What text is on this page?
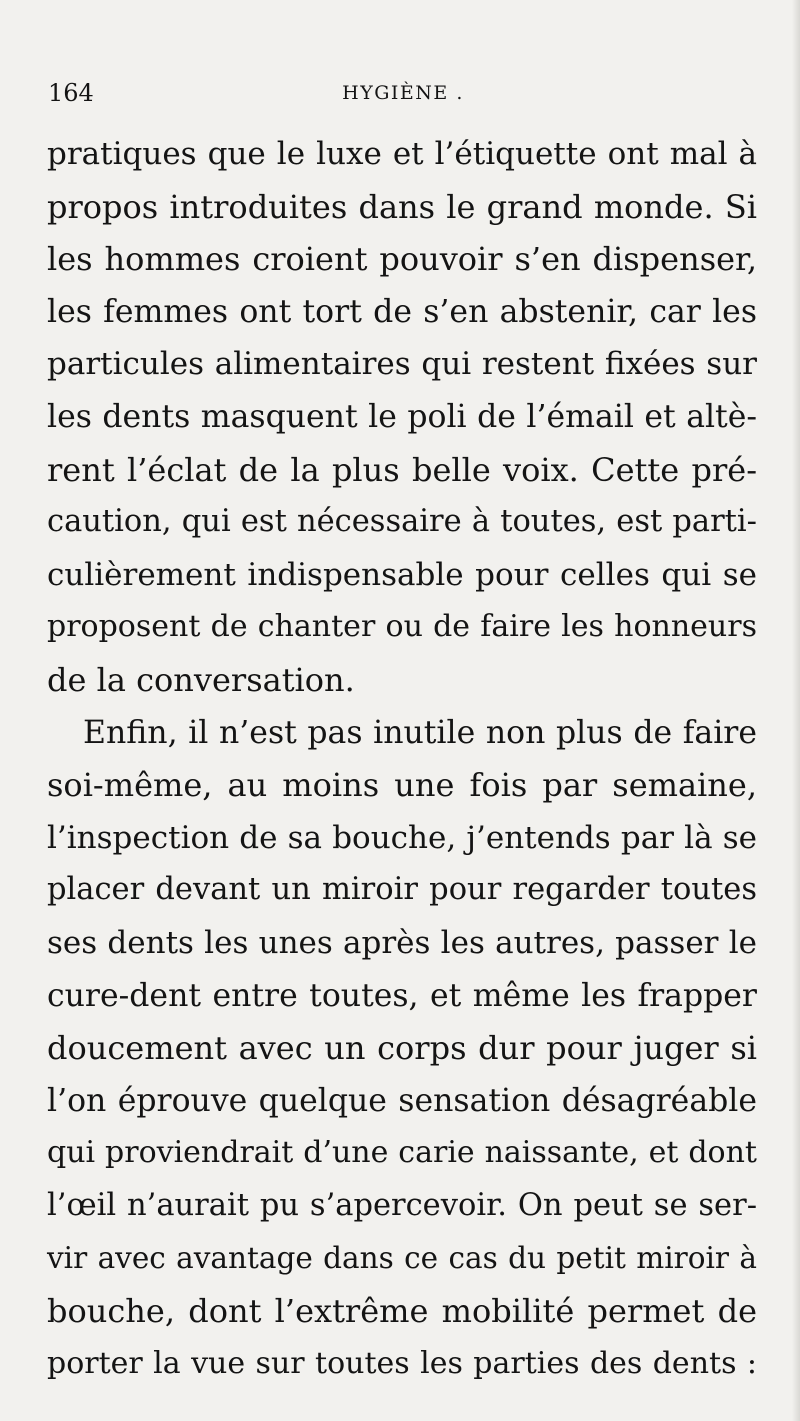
164	HYGIÈNE .
pratiques que le luxe et l’étiquette ont mal à
propos introduites dans le grand monde. Si
les hommes croient pouvoir s’en dispenser,
les femmes ont tort de s’en abstenir, car les
particules alimentaires qui restent fixées sur
les dents masquent le poli de l’émail et altè-
rent l’éclat de la plus belle voix. Cette pré-
caution, qui est nécessaire à toutes, est parti-
culièrement indispensable pour celles qui se
proposent de chanter ou de faire les honneurs
de la conversation.
Enfin, il n’est pas inutile non plus de faire
soi-même, au moins une fois par semaine,
l’inspection de sa bouche, j’entends par là se
placer devant un miroir pour regarder toutes
ses dents les unes après les autres, passer le
cure-dent entre toutes, et même les frapper
doucement avec un corps dur pour juger si
l’on éprouve quelque sensation désagréable
qui proviendrait d’une carie naissante, et dont
l’œil n’aurait pu s’apercevoir. On peut se ser-
vir avec avantage dans ce cas du petit miroir à
bouche, dont l’extrême mobilité permet de
porter la vue sur toutes les parties des dents :
